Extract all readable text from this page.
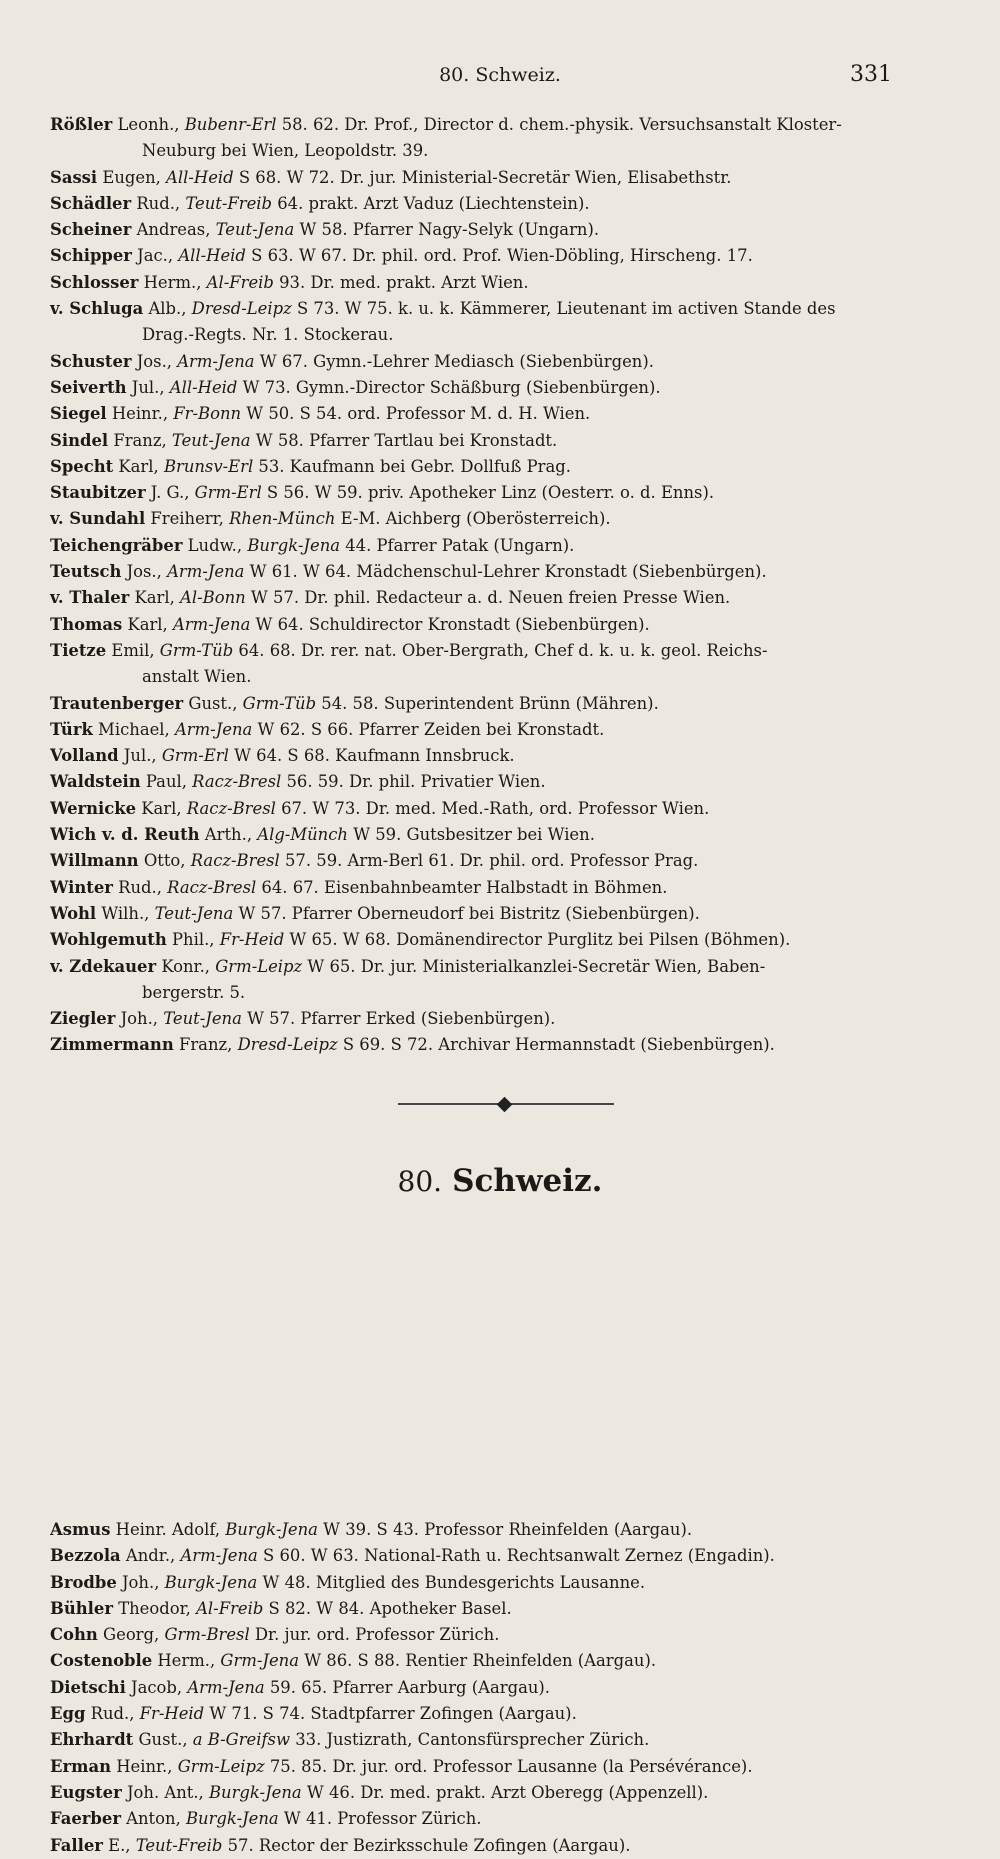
80. Schweiz.	331

Rößler Leonh., Bubenr-Erl 58. 62. Dr. Prof., Director d. chem.-physik. Versuchsanstalt Kloster-
Neuburg bei Wien, Leopoldstr. 39.

Sassi Eugen, All-Heid S 68. W 72. Dr. jur. Ministerial-Secretär Wien, Elisabethstr.

Schädler Rud., Teut-Freib 64. prakt. Arzt Vaduz (Liechtenstein).

Scheiner Andreas, Teut-Jena W 58. Pfarrer Nagy-Selyk (Ungarn).

Schipper Jac., All-Heid S 63. W 67. Dr. phil. ord. Prof. Wien-Döbling, Hirscheng. 17.

Schlosser Herm., Al-Freib 93. Dr. med. prakt. Arzt Wien.

v. Schluga Alb., Dresd-Leipz S 73. W 75. k. u. k. Kämmerer, Lieutenant im activen Stande des
Drag.-Regts. Nr. 1. Stockerau.

Schuster Jos., Arm-Jena W 67. Gymn.-Lehrer Mediasch (Siebenbürgen).

Seiverth Jul., All-Heid W 73. Gymn.-Director Schäßburg (Siebenbürgen).

Siegel Heinr., Fr-Bonn W 50. S 54. ord. Professor M. d. H. Wien.

Sindel Franz, Teut-Jena W 58. Pfarrer Tartlau bei Kronstadt.

Specht Karl, Brunsv-Erl 53. Kaufmann bei Gebr. Dollfuß Prag.

Staubitzer J. G., Grm-Erl S 56. W 59. priv. Apotheker Linz (Oesterr. o. d. Enns).

v. Sundahl Freiherr, Rhen-Münch E-M. Aichberg (Oberösterreich).

Teichengräber Ludw., Burgk-Jena 44. Pfarrer Patak (Ungarn).

Teutsch Jos., Arm-Jena W 61. W 64. Mädchenschul-Lehrer Kronstadt (Siebenbürgen).

v. Thaler Karl, Al-Bonn W 57. Dr. phil. Redacteur a. d. Neuen freien Presse Wien.

Thomas Karl, Arm-Jena W 64. Schuldirector Kronstadt (Siebenbürgen).

Tietze Emil, Grm-Tüb 64. 68. Dr. rer. nat. Ober-Bergrath, Chef d. k. u. k. geol. Reichs-
anstalt Wien.

Trautenberger Gust., Grm-Tüb 54. 58. Superintendent Brünn (Mähren).

Türk Michael, Arm-Jena W 62. S 66. Pfarrer Zeiden bei Kronstadt.

Volland Jul., Grm-Erl W 64. S 68. Kaufmann Innsbruck.

Waldstein Paul, Racz-Bresl 56. 59. Dr. phil. Privatier Wien.

Wernicke Karl, Racz-Bresl 67. W 73. Dr. med. Med.-Rath, ord. Professor Wien.

Wich v. d. Reuth Arth., Alg-Münch W 59. Gutsbesitzer bei Wien.

Willmann Otto, Racz-Bresl 57. 59. Arm-Berl 61. Dr. phil. ord. Professor Prag.

Winter Rud., Racz-Bresl 64. 67. Eisenbahnbeamter Halbstadt in Böhmen.

Wohl Wilh., Teut-Jena W 57. Pfarrer Oberneudorf bei Bistritz (Siebenbürgen).

Wohlgemuth Phil., Fr-Heid W 65. W 68. Domänendirector Purglitz bei Pilsen (Böhmen).

v. Zdekauer Konr., Grm-Leipz W 65. Dr. jur. Ministerialkanzlei-Secretär Wien, Baben-
bergerstr. 5.

Ziegler Joh., Teut-Jena W 57. Pfarrer Erked (Siebenbürgen).

Zimmermann Franz, Dresd-Leipz S 69. S 72. Archivar Hermannstadt (Siebenbürgen).

80. Schweiz.

Asmus Heinr. Adolf, Burgk-Jena W 39. S 43. Professor Rheinfelden (Aargau).

Bezzola Andr., Arm-Jena S 60. W 63. National-Rath u. Rechtsanwalt Zernez (Engadin).

Brodbe Joh., Burgk-Jena W 48. Mitglied des Bundesgerichts Lausanne.

Bühler Theodor, Al-Freib S 82. W 84. Apotheker Basel.

Cohn Georg, Grm-Bresl Dr. jur. ord. Professor Zürich.

Costenoble Herm., Grm-Jena W 86. S 88. Rentier Rheinfelden (Aargau).

Dietschi Jacob, Arm-Jena 59. 65. Pfarrer Aarburg (Aargau).

Egg Rud., Fr-Heid W 71. S 74. Stadtpfarrer Zofingen (Aargau).

Ehrhardt Gust., a B-Greifsw 33. Justizrath, Cantonsfürsprecher Zürich.

Erman Heinr., Grm-Leipz 75. 85. Dr. jur. ord. Professor Lausanne (la Persévérance).

Eugster Joh. Ant., Burgk-Jena W 46. Dr. med. prakt. Arzt Oberegg (Appenzell).

Faerber Anton, Burgk-Jena W 41. Professor Zürich.

Faller E., Teut-Freib 57. Rector der Bezirksschule Zofingen (Aargau).
